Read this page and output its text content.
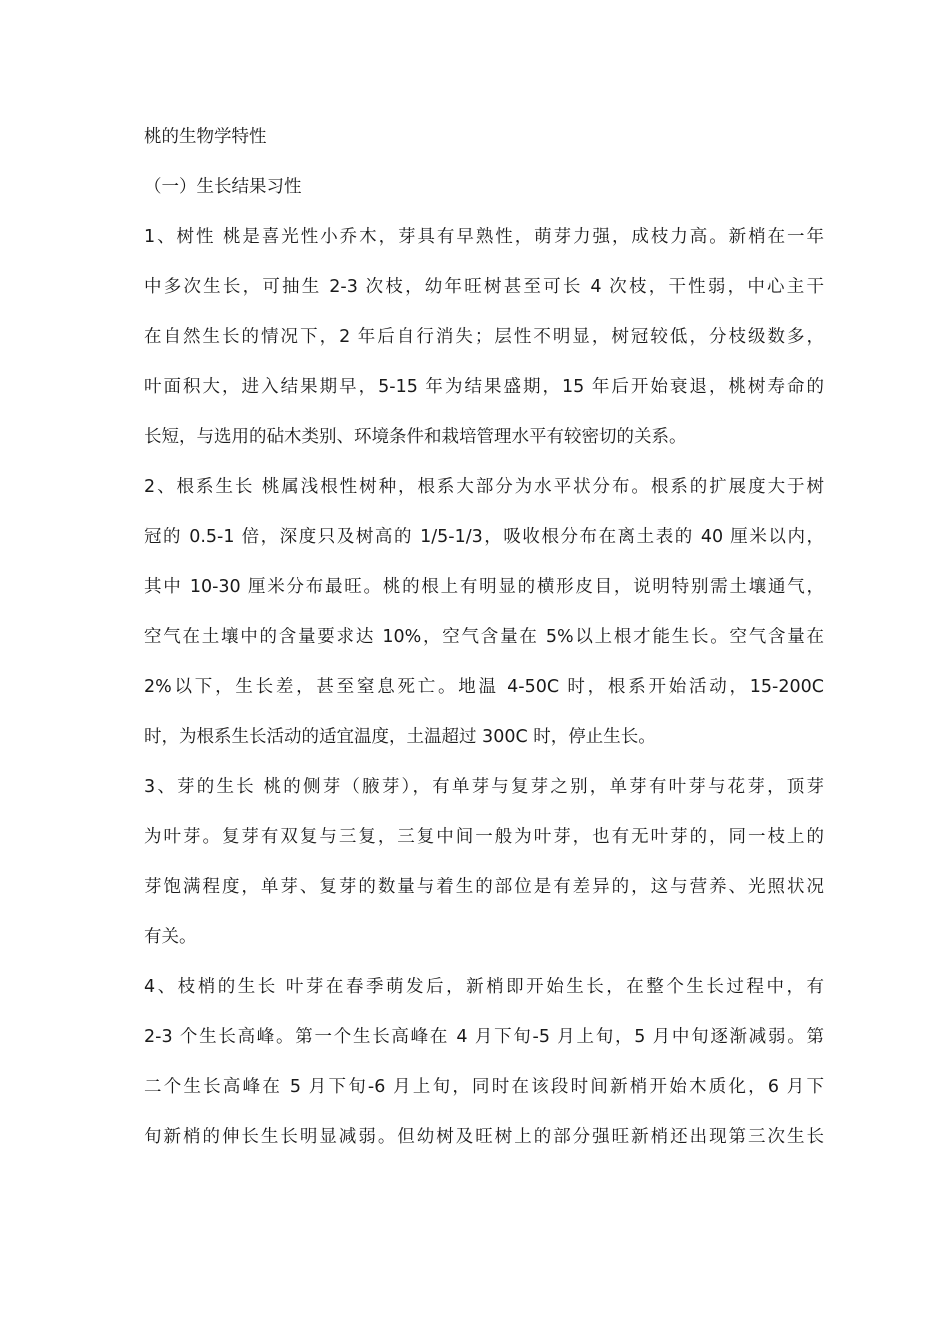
桃的生物学特性
（一）生长结果习性
1、树性 桃是喜光性小乔木，芽具有早熟性，萌芽力强，成枝力高。新梢在一年
中多次生长，可抽生 2-3 次枝，幼年旺树甚至可长 4 次枝，干性弱，中心主干
在自然生长的情况下，2 年后自行消失；层性不明显，树冠较低，分枝级数多，
叶面积大，进入结果期早，5-15 年为结果盛期，15 年后开始衰退，桃树寿命的
长短，与选用的砧木类别、环境条件和栽培管理水平有较密切的关系。
2、根系生长 桃属浅根性树种，根系大部分为水平状分布。根系的扩展度大于树
冠的 0.5-1 倍，深度只及树高的 1/5-1/3，吸收根分布在离土表的 40 厘米以内，
其中 10-30 厘米分布最旺。桃的根上有明显的横形皮目，说明特别需土壤通气，
空气在土壤中的含量要求达 10%，空气含量在 5%以上根才能生长。空气含量在
2%以下，生长差，甚至窒息死亡。地温 4-50C 时，根系开始活动，15-200C
时，为根系生长活动的适宜温度，土温超过 300C 时，停止生长。
3、芽的生长 桃的侧芽（腋芽），有单芽与复芽之别，单芽有叶芽与花芽，顶芽
为叶芽。复芽有双复与三复，三复中间一般为叶芽，也有无叶芽的，同一枝上的
芽饱满程度，单芽、复芽的数量与着生的部位是有差异的，这与营养、光照状况
有关。
4、枝梢的生长 叶芽在春季萌发后，新梢即开始生长，在整个生长过程中，有
2-3 个生长高峰。第一个生长高峰在 4 月下旬-5 月上旬，5 月中旬逐渐减弱。第
二个生长高峰在 5 月下旬-6 月上旬，同时在该段时间新梢开始木质化，6 月下
旬新梢的伸长生长明显减弱。但幼树及旺树上的部分强旺新梢还出现第三次生长
